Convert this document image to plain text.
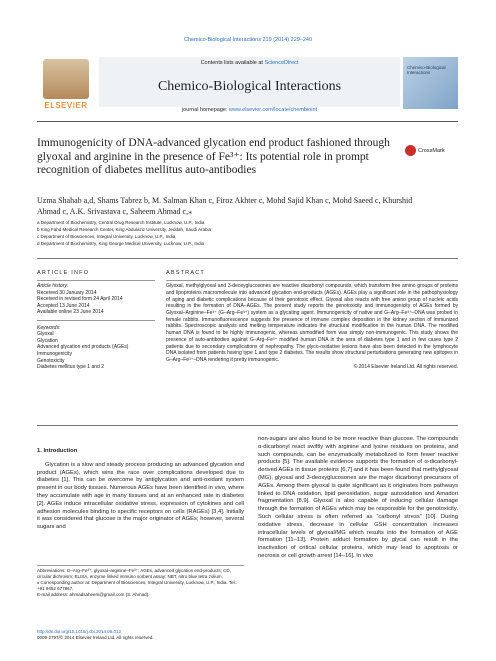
Chemico-Biological Interactions 219 (2014) 229–240
ELSEVIER
Contents lists available at ScienceDirect
Chemico-Biological Interactions
journal homepage: www.elsevier.com/locate/chembioint
Chemico-Biological Interactions
Immunogenicity of DNA-advanced glycation end product fashioned through glyoxal and arginine in the presence of Fe³⁺: Its potential role in prompt recognition of diabetes mellitus auto-antibodies
CrossMark
Uzma Shahab a,d, Shams Tabrez b, M. Salman Khan c, Firoz Akhter c, Mohd Sajid Khan c, Mohd Saeed c, Khurshid Ahmad c, A.K. Srivastava c, Saheem Ahmad c,⁎
a Department of Biochemistry, Central Drug Research Institute, Lucknow, U.P., India
b King Fahd Medical Research Center, King Abdulaziz University, Jeddah, Saudi Arabia
c Department of Biosciences, Integral University, Lucknow, U.P., India
d Department of Biochemistry, King George Medical University, Lucknow, U.P., India
ARTICLE INFO
Article history:
Received 30 January 2014
Received in revised form 24 April 2014
Accepted 13 June 2014
Available online 23 June 2014
Keywords:
Glyoxal
Glycation
Advanced glycation end products (AGEs)
Immunogenicity
Genotoxicity
Diabetes mellitus type 1 and 2
ABSTRACT
Glyoxal, methylglyoxal and 3-deoxyglucosones are reactive dicarbonyl compounds, which transform free amino groups of proteins and lipoproteins macromolecule into advanced glycation end-products (AGEs). AGEs play a significant role in the pathophysiology of aging and diabetic complications because of their genotoxic effect. Glyoxal also reacts with free amino group of nucleic acids resulting in the formation of DNA–AGEs. The present study reports the genotoxicity and immunogenicity of AGEs formed by Glyoxal–Arginine–Fe³⁺ (G–Arg–Fe³⁺) system as a glycating agent. Immunogenicity of native and G–Arg–Fe³⁺–DNA was probed in female rabbits. Immunofluorescence suggests the presence of immune complex deposition in the kidney section of immunized rabbits. Spectroscopic analysis and melting temperature indicates the structural modification in the human DNA. The modified human DNA is found to be highly immunogenic, whereas unmodified form was simply non-immunogenic. This study shows the presence of auto-antibodies against G–Arg–Fe³⁺ modified human DNA in the sera of diabetes type 1 and in few cases type 2 patients due to secondary complications of nephropathy. The glyco-oxidative lesions have also been detected in the lymphocyte DNA isolated from patients having type 1 and type 2 diabetes. The results show structural perturbations generating new epitopes in G–Arg–Fe³⁺–DNA rendering it pretty immunogenic.
© 2014 Elsevier Ireland Ltd. All rights reserved.
1. Introduction

Glycation is a slow and steady process producing an advanced glycation end product (AGEs), which wins the race over complications developed due to diabetes [1]. This can be overcome by antiglycation and anti-oxidant system present in our body tissues. Numerous AGEs have been identified in vivo, where they accumulate with age in many tissues and at an enhanced rate in diabetes [2]. AGEs induce intracellular oxidative stress, expression of cytokines and cell adhesion molecules binding to specific receptors on cells (RAGEs) [3,4]. Initially it was considered that glucose is the major originator of AGEs; however, several sugars and

non-sugars are also found to be more reactive than glucose. The compounds α-dicarbonyl react swiftly with arginine and lysine residues on proteins, and such compounds, can be enzymatically metabolized to form fewer reactive products [5]. The available evidence supports the formation of α-dicarbonyl-derived AGEs in tissue proteins [6,7] and it has been found that methylglyoxal (MG), glyoxal and 3-deoxyglucosones are the major dicarbonyl precursors of AGEs. Among them glyoxal is quite significant as it originates from pathways linked to DNA oxidation, lipid peroxidation, sugar autoxidation and Amadori fragmentation [8,9]. Glyoxal is also capable of inducing cellular damage through the formation of AGEs which may be responsible for the genotoxicity. Such cellular stress is often referred as “carbonyl stress” [10]. During oxidative stress, decrease in cellular GSH concentration increases intracellular levels of glyoxal/MG which results into the formation of AGE formation [11–13]. Protein adduct formation by glycal can result in the inactivation of critical cellular proteins, which may lead to apoptosis or necrosis or cell growth arrest [14–16]. In vivo

Abbreviations: G–Arg–Fe³⁺, glyoxal–arginine–Fe³⁺; AGEs, advanced glycation end-products; CD, circular dichroism; ELISA, enzyme linked immuno sorbent assay; NBT, nitro blue tetra zolium.
⁎ Corresponding author at: Department of Biosciences, Integral University, Lucknow, U.P., India. Tel.: +91 9452 677867.
E-mail address: ahmadsaheem@gmail.com (S. Ahmad).
http://dx.doi.org/10.1016/j.cbi.2014.06.012
0009-2797/© 2014 Elsevier Ireland Ltd. All rights reserved.
